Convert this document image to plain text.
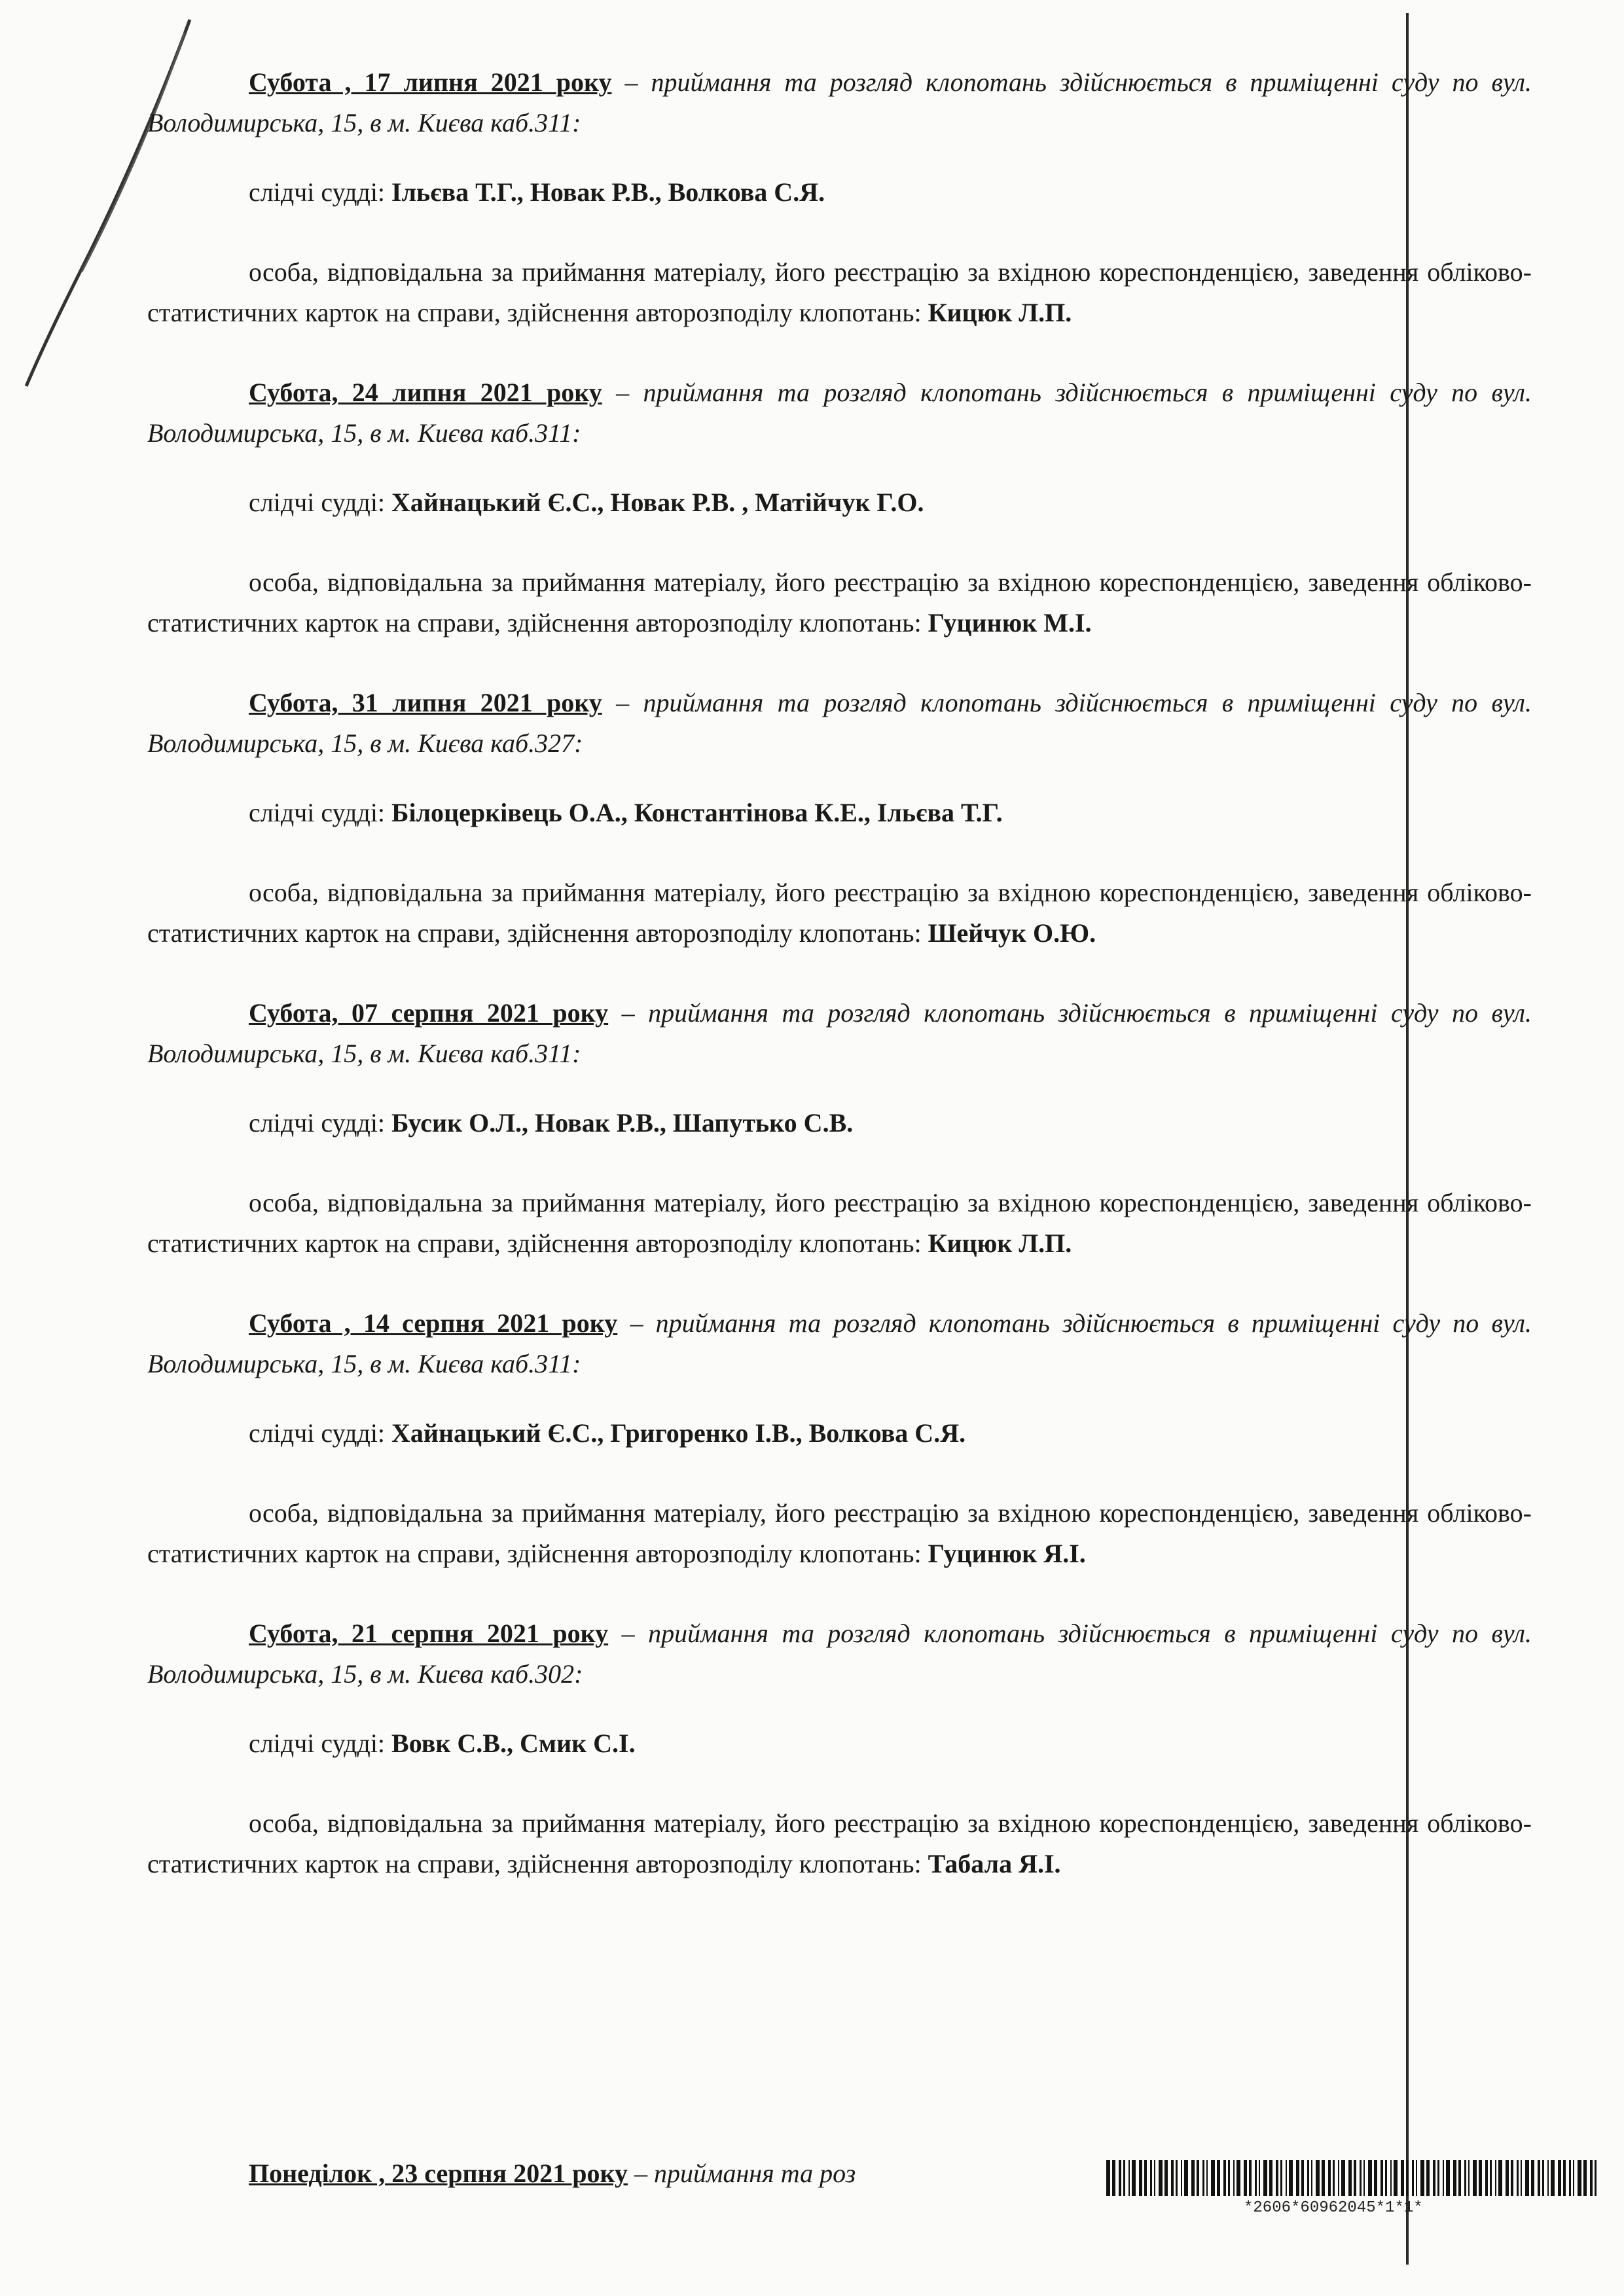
Субота , 17 липня 2021 року – приймання та розгляд клопотань здійснюється в приміщенні суду по вул. Володимирська, 15, в м. Києва каб.311:

слідчі судді: Ільєва Т.Г., Новак Р.В., Волкова С.Я.

особа, відповідальна за приймання матеріалу, його реєстрацію за вхідною кореспонденцією, заведення обліково-статистичних карток на справи, здійснення авторозподілу клопотань: Кицюк Л.П.

Субота, 24 липня 2021 року – приймання та розгляд клопотань здійснюється в приміщенні суду по вул. Володимирська, 15, в м. Києва каб.311:

слідчі судді: Хайнацький Є.С., Новак Р.В. , Матійчук Г.О.

особа, відповідальна за приймання матеріалу, його реєстрацію за вхідною кореспонденцією, заведення обліково-статистичних карток на справи, здійснення авторозподілу клопотань: Гуцинюк М.І.

Субота, 31 липня 2021 року – приймання та розгляд клопотань здійснюється в приміщенні суду по вул. Володимирська, 15, в м. Києва каб.327:

слідчі судді: Білоцерківець О.А., Константінова К.Е., Ільєва Т.Г.

особа, відповідальна за приймання матеріалу, його реєстрацію за вхідною кореспонденцією, заведення обліково-статистичних карток на справи, здійснення авторозподілу клопотань: Шейчук О.Ю.

Субота, 07 серпня 2021 року – приймання та розгляд клопотань здійснюється в приміщенні суду по вул. Володимирська, 15, в м. Києва каб.311:

слідчі судді: Бусик О.Л., Новак Р.В., Шапутько С.В.

особа, відповідальна за приймання матеріалу, його реєстрацію за вхідною кореспонденцією, заведення обліково-статистичних карток на справи, здійснення авторозподілу клопотань: Кицюк Л.П.

Субота , 14 серпня 2021 року – приймання та розгляд клопотань здійснюється в приміщенні суду по вул. Володимирська, 15, в м. Києва каб.311:

слідчі судді: Хайнацький Є.С., Григоренко І.В., Волкова С.Я.

особа, відповідальна за приймання матеріалу, його реєстрацію за вхідною кореспонденцією, заведення обліково-статистичних карток на справи, здійснення авторозподілу клопотань: Гуцинюк Я.І.

Субота, 21 серпня 2021 року – приймання та розгляд клопотань здійснюється в приміщенні суду по вул. Володимирська, 15, в м. Києва каб.302:

слідчі судді: Вовк С.В., Смик С.І.

особа, відповідальна за приймання матеріалу, його реєстрацію за вхідною кореспонденцією, заведення обліково-статистичних карток на справи, здійснення авторозподілу клопотань: Табала Я.І.

Понеділок , 23 серпня 2021 року – приймання та роз
*2606*60962045*1*1*
